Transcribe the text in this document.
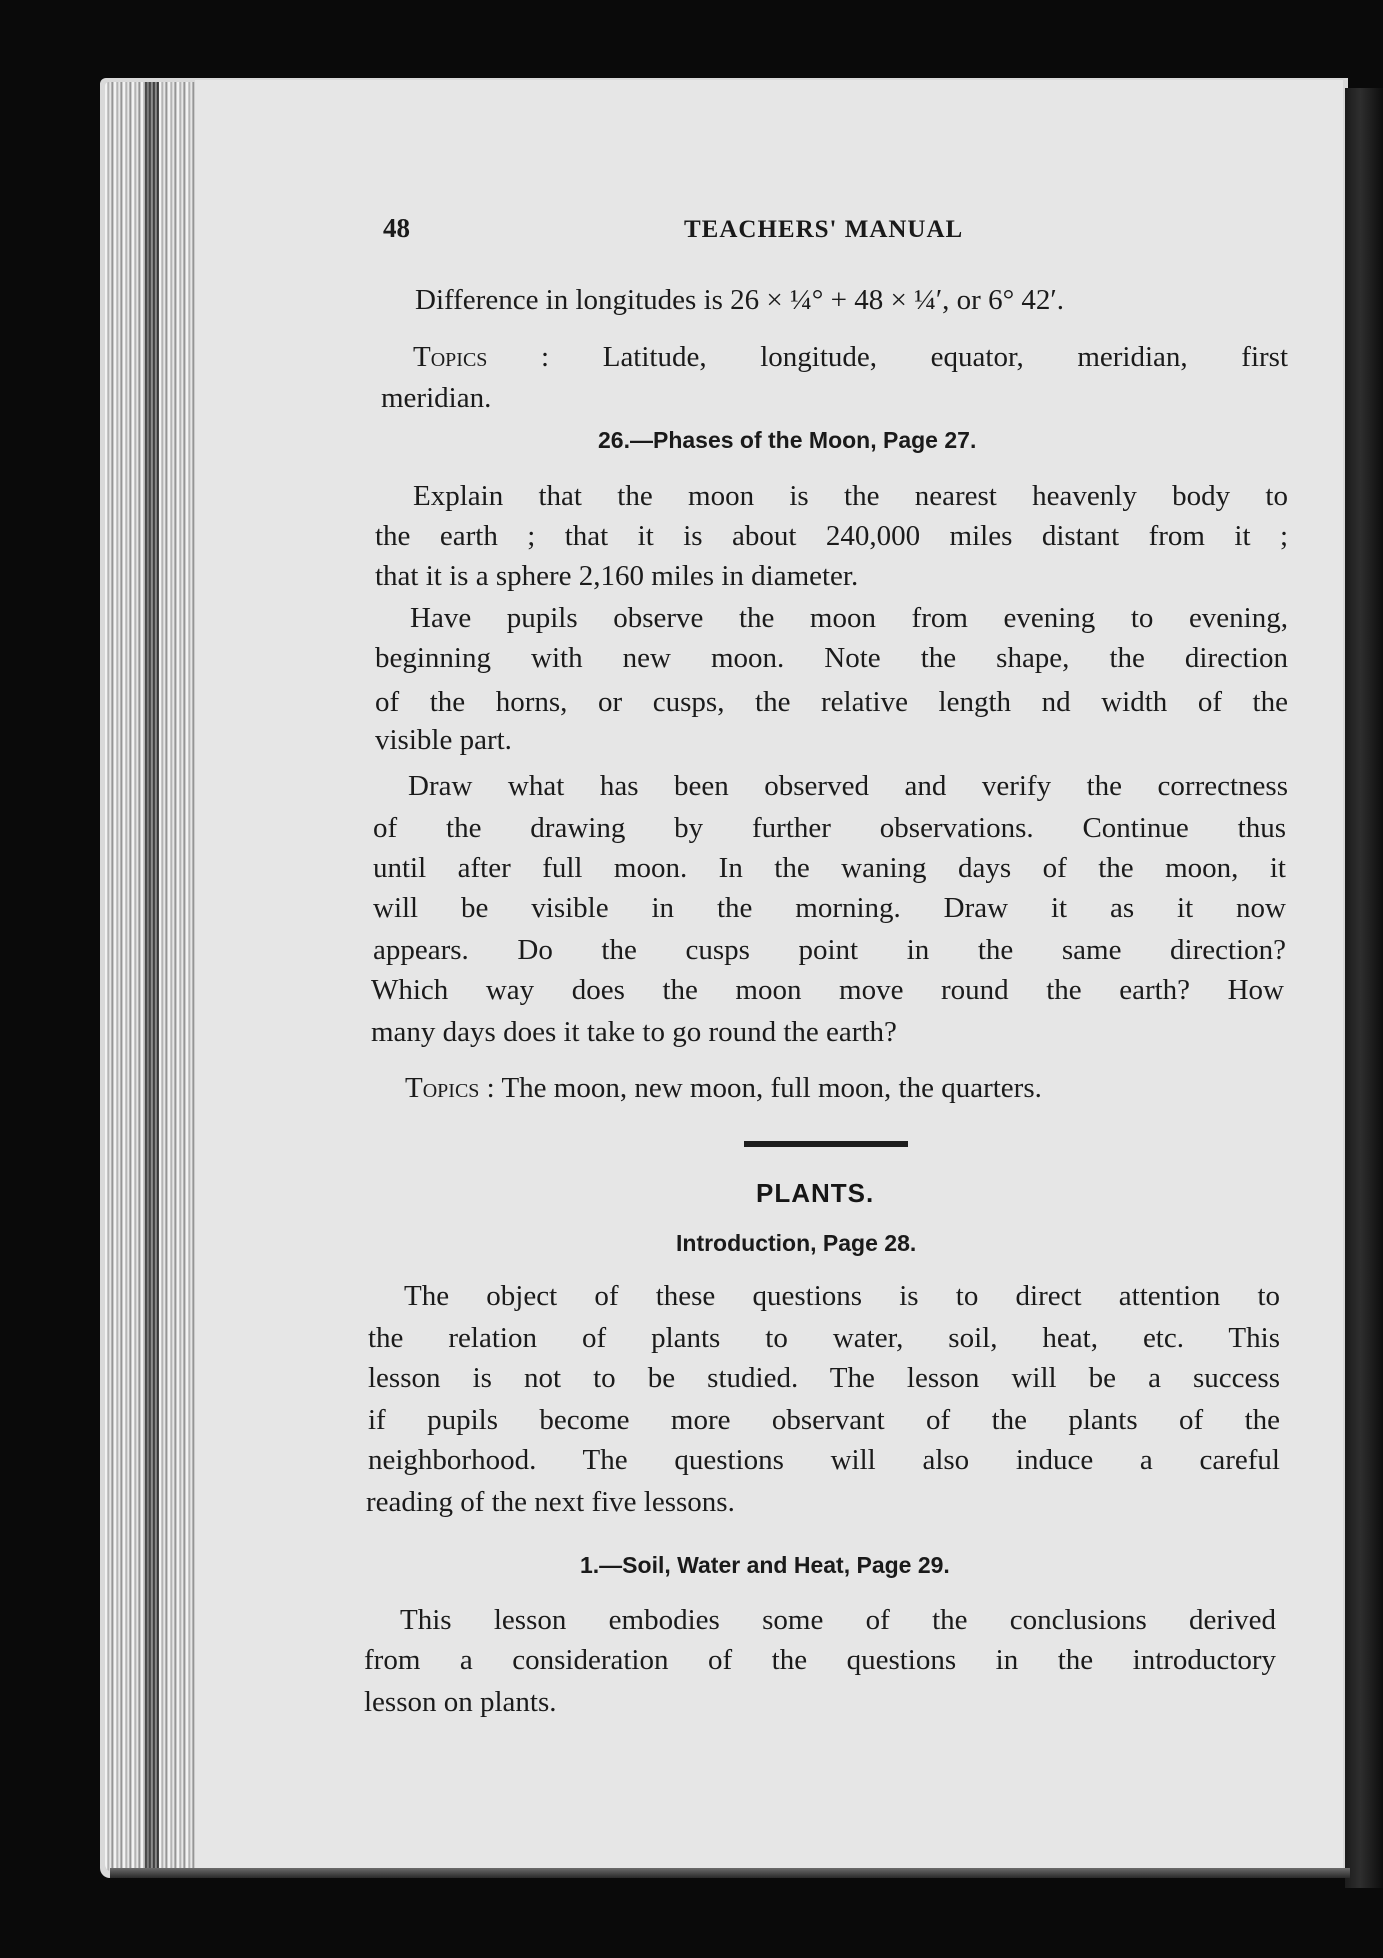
48	TEACHERS' MANUAL
Difference in longitudes is 26 × ¼° + 48 × ¼′, or 6° 42′.
Topics : Latitude, longitude, equator, meridian, first
meridian.
26.—Phases of the Moon, Page 27.
Explain that the moon is the nearest heavenly body to
the earth ; that it is about 240,000 miles distant from it ;
that it is a sphere 2,160 miles in diameter.
Have pupils observe the moon from evening to evening,
beginning with new moon. Note the shape, the direction
of the horns, or cusps, the relative length nd width of the
visible part.
Draw what has been observed and verify the correctness
of the drawing by further observations. Continue thus
until after full moon. In the waning days of the moon, it
will be visible in the morning. Draw it as it now
appears. Do the cusps point in the same direction?
Which way does the moon move round the earth? How
many days does it take to go round the earth?
Topics : The moon, new moon, full moon, the quarters.
PLANTS.
Introduction, Page 28.
The object of these questions is to direct attention to
the relation of plants to water, soil, heat, etc. This
lesson is not to be studied. The lesson will be a success
if pupils become more observant of the plants of the
neighborhood. The questions will also induce a careful
reading of the next five lessons.
1.—Soil, Water and Heat, Page 29.
This lesson embodies some of the conclusions derived
from a consideration of the questions in the introductory
lesson on plants.
